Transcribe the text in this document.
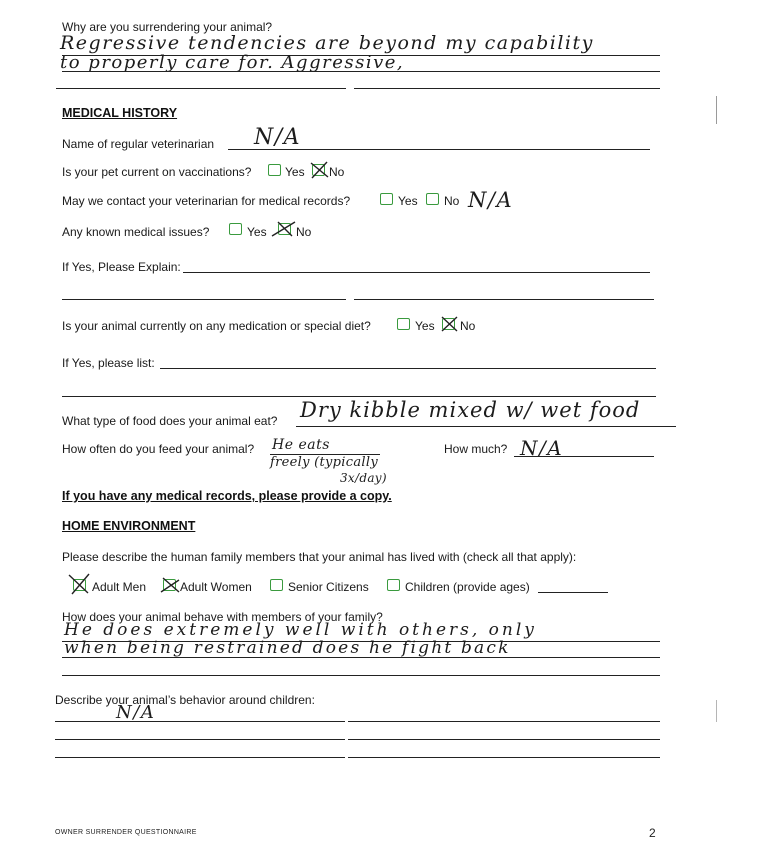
Why are you surrendering your animal?
Regressive tendencies are beyond my capability
to properly care for. Aggressive,
MEDICAL HISTORY
Name of regular veterinarian N/A
Is your pet current on vaccinations?	Yes No
May we contact your veterinarian for medical records?	Yes No N/A
Any known medical issues?	Yes No
If Yes, Please Explain:
Is your animal currently on any medication or special diet?	Yes No
If Yes, please list:
What type of food does your animal eat? Dry kibble mixed w/ wet food
How often do you feed your animal? He eats
freely (typically
3x/day)
How much? N/A
If you have any medical records, please provide a copy.
HOME ENVIRONMENT
Please describe the human family members that your animal has lived with (check all that apply):
Adult Men	Adult Women	Senior Citizens	Children (provide ages)
How does your animal behave with members of your family?
He does extremely well with others, only
when being restrained does he fight back
Describe your animal’s behavior around children:
N/A
OWNER SURRENDER QUESTIONNAIRE	2
